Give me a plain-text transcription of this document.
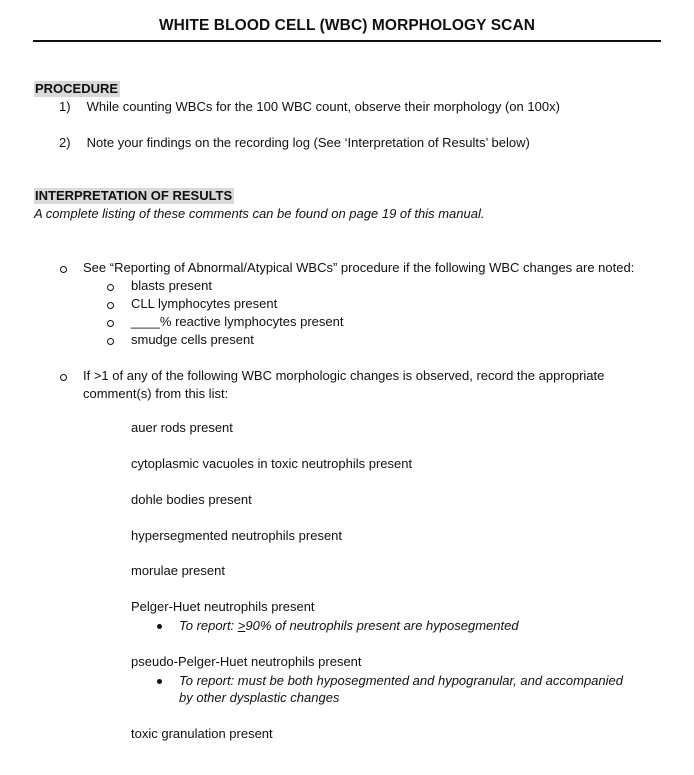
WHITE BLOOD CELL (WBC) MORPHOLOGY SCAN
PROCEDURE
1) While counting WBCs for the 100 WBC count, observe their morphology (on 100x)
2) Note your findings on the recording log (See ‘Interpretation of Results’ below)
INTERPRETATION OF RESULTS
A complete listing of these comments can be found on page 19 of this manual.
See “Reporting of Abnormal/Atypical WBCs” procedure if the following WBC changes are noted:
blasts present
CLL lymphocytes present
____% reactive lymphocytes present
smudge cells present
If >1 of any of the following WBC morphologic changes is observed, record the appropriate
comment(s) from this list:
auer rods present
cytoplasmic vacuoles in toxic neutrophils present
dohle bodies present
hypersegmented neutrophils present
morulae present
Pelger-Huet neutrophils present
To report: >90% of neutrophils present are hyposegmented
pseudo-Pelger-Huet neutrophils present
To report: must be both hyposegmented and hypogranular, and accompanied
by other dysplastic changes
toxic granulation present
